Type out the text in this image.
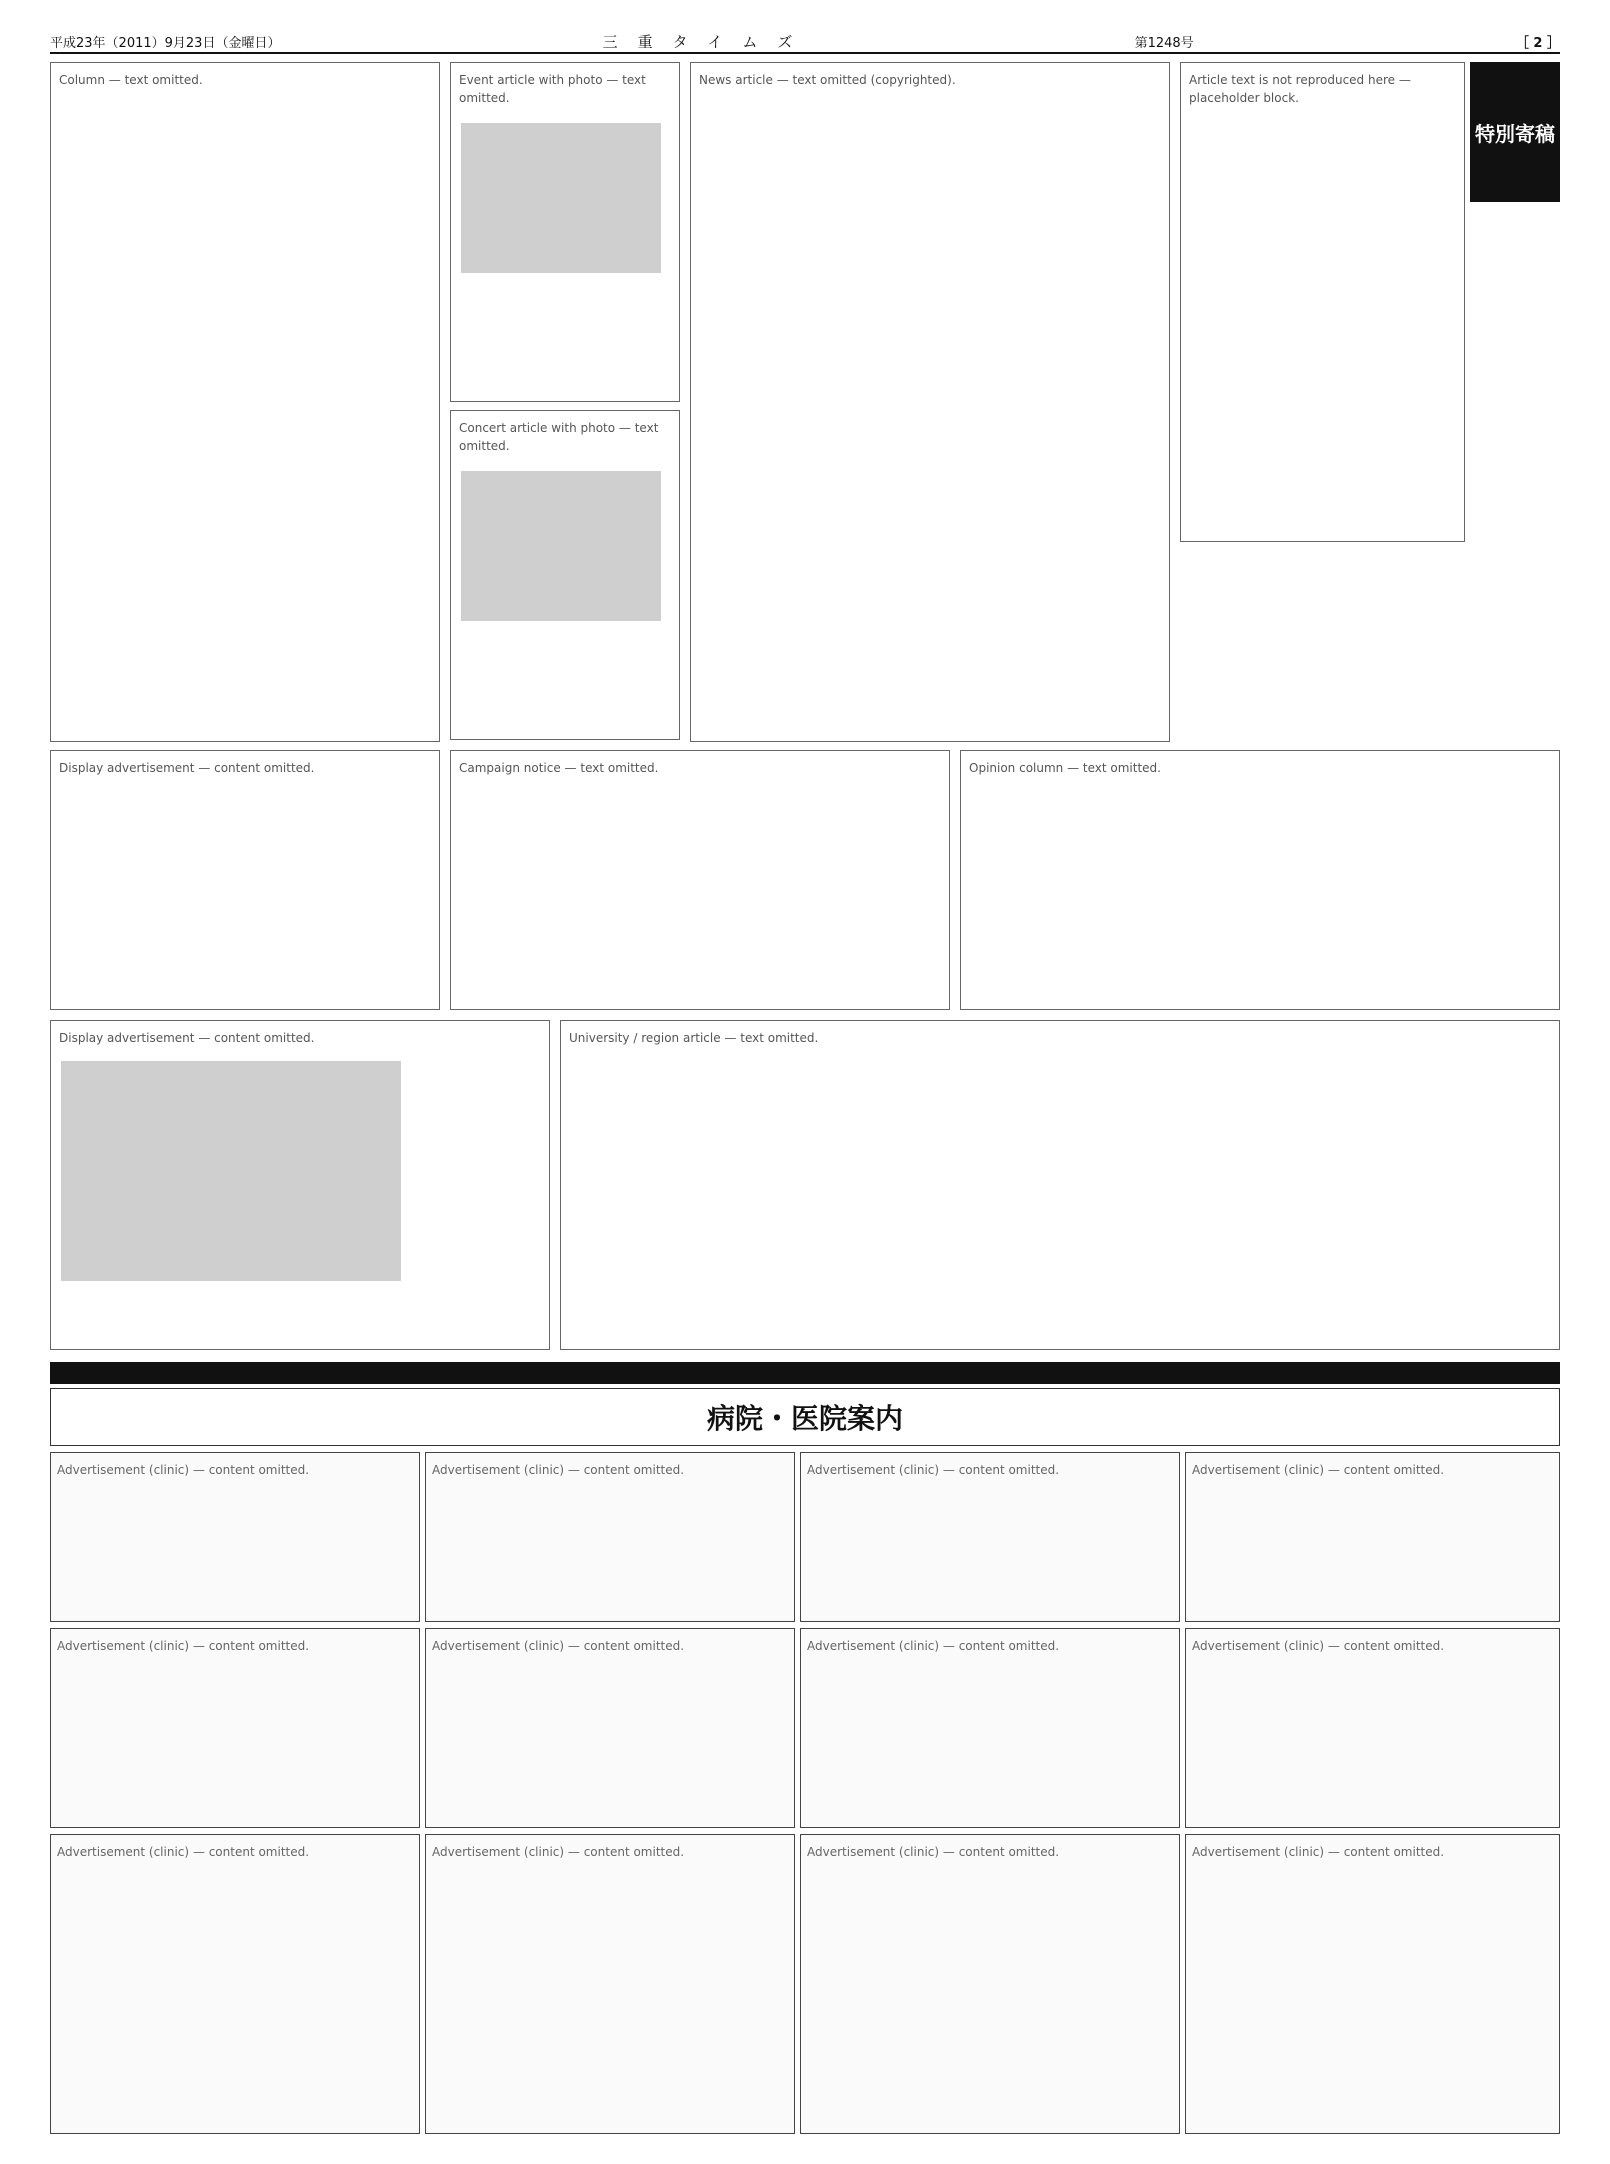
平成23年（2011）9月23日（金曜日）	三重タイムズ	第1248号	［ 2 ］
特別寄稿
Article text is not reproduced here — placeholder block.
News article — text omitted (copyrighted).
Event article with photo — text omitted.
Concert article with photo — text omitted.
Column — text omitted.
Display advertisement — content omitted.	Campaign notice — text omitted.	Opinion column — text omitted.
Display advertisement — content omitted.	University / region article — text omitted.
病院・医院案内
Advertisement (clinic) — content omitted.	Advertisement (clinic) — content omitted.	Advertisement (clinic) — content omitted.	Advertisement (clinic) — content omitted.
Advertisement (clinic) — content omitted.	Advertisement (clinic) — content omitted.	Advertisement (clinic) — content omitted.	Advertisement (clinic) — content omitted.
Advertisement (clinic) — content omitted.	Advertisement (clinic) — content omitted.	Advertisement (clinic) — content omitted.	Advertisement (clinic) — content omitted.
